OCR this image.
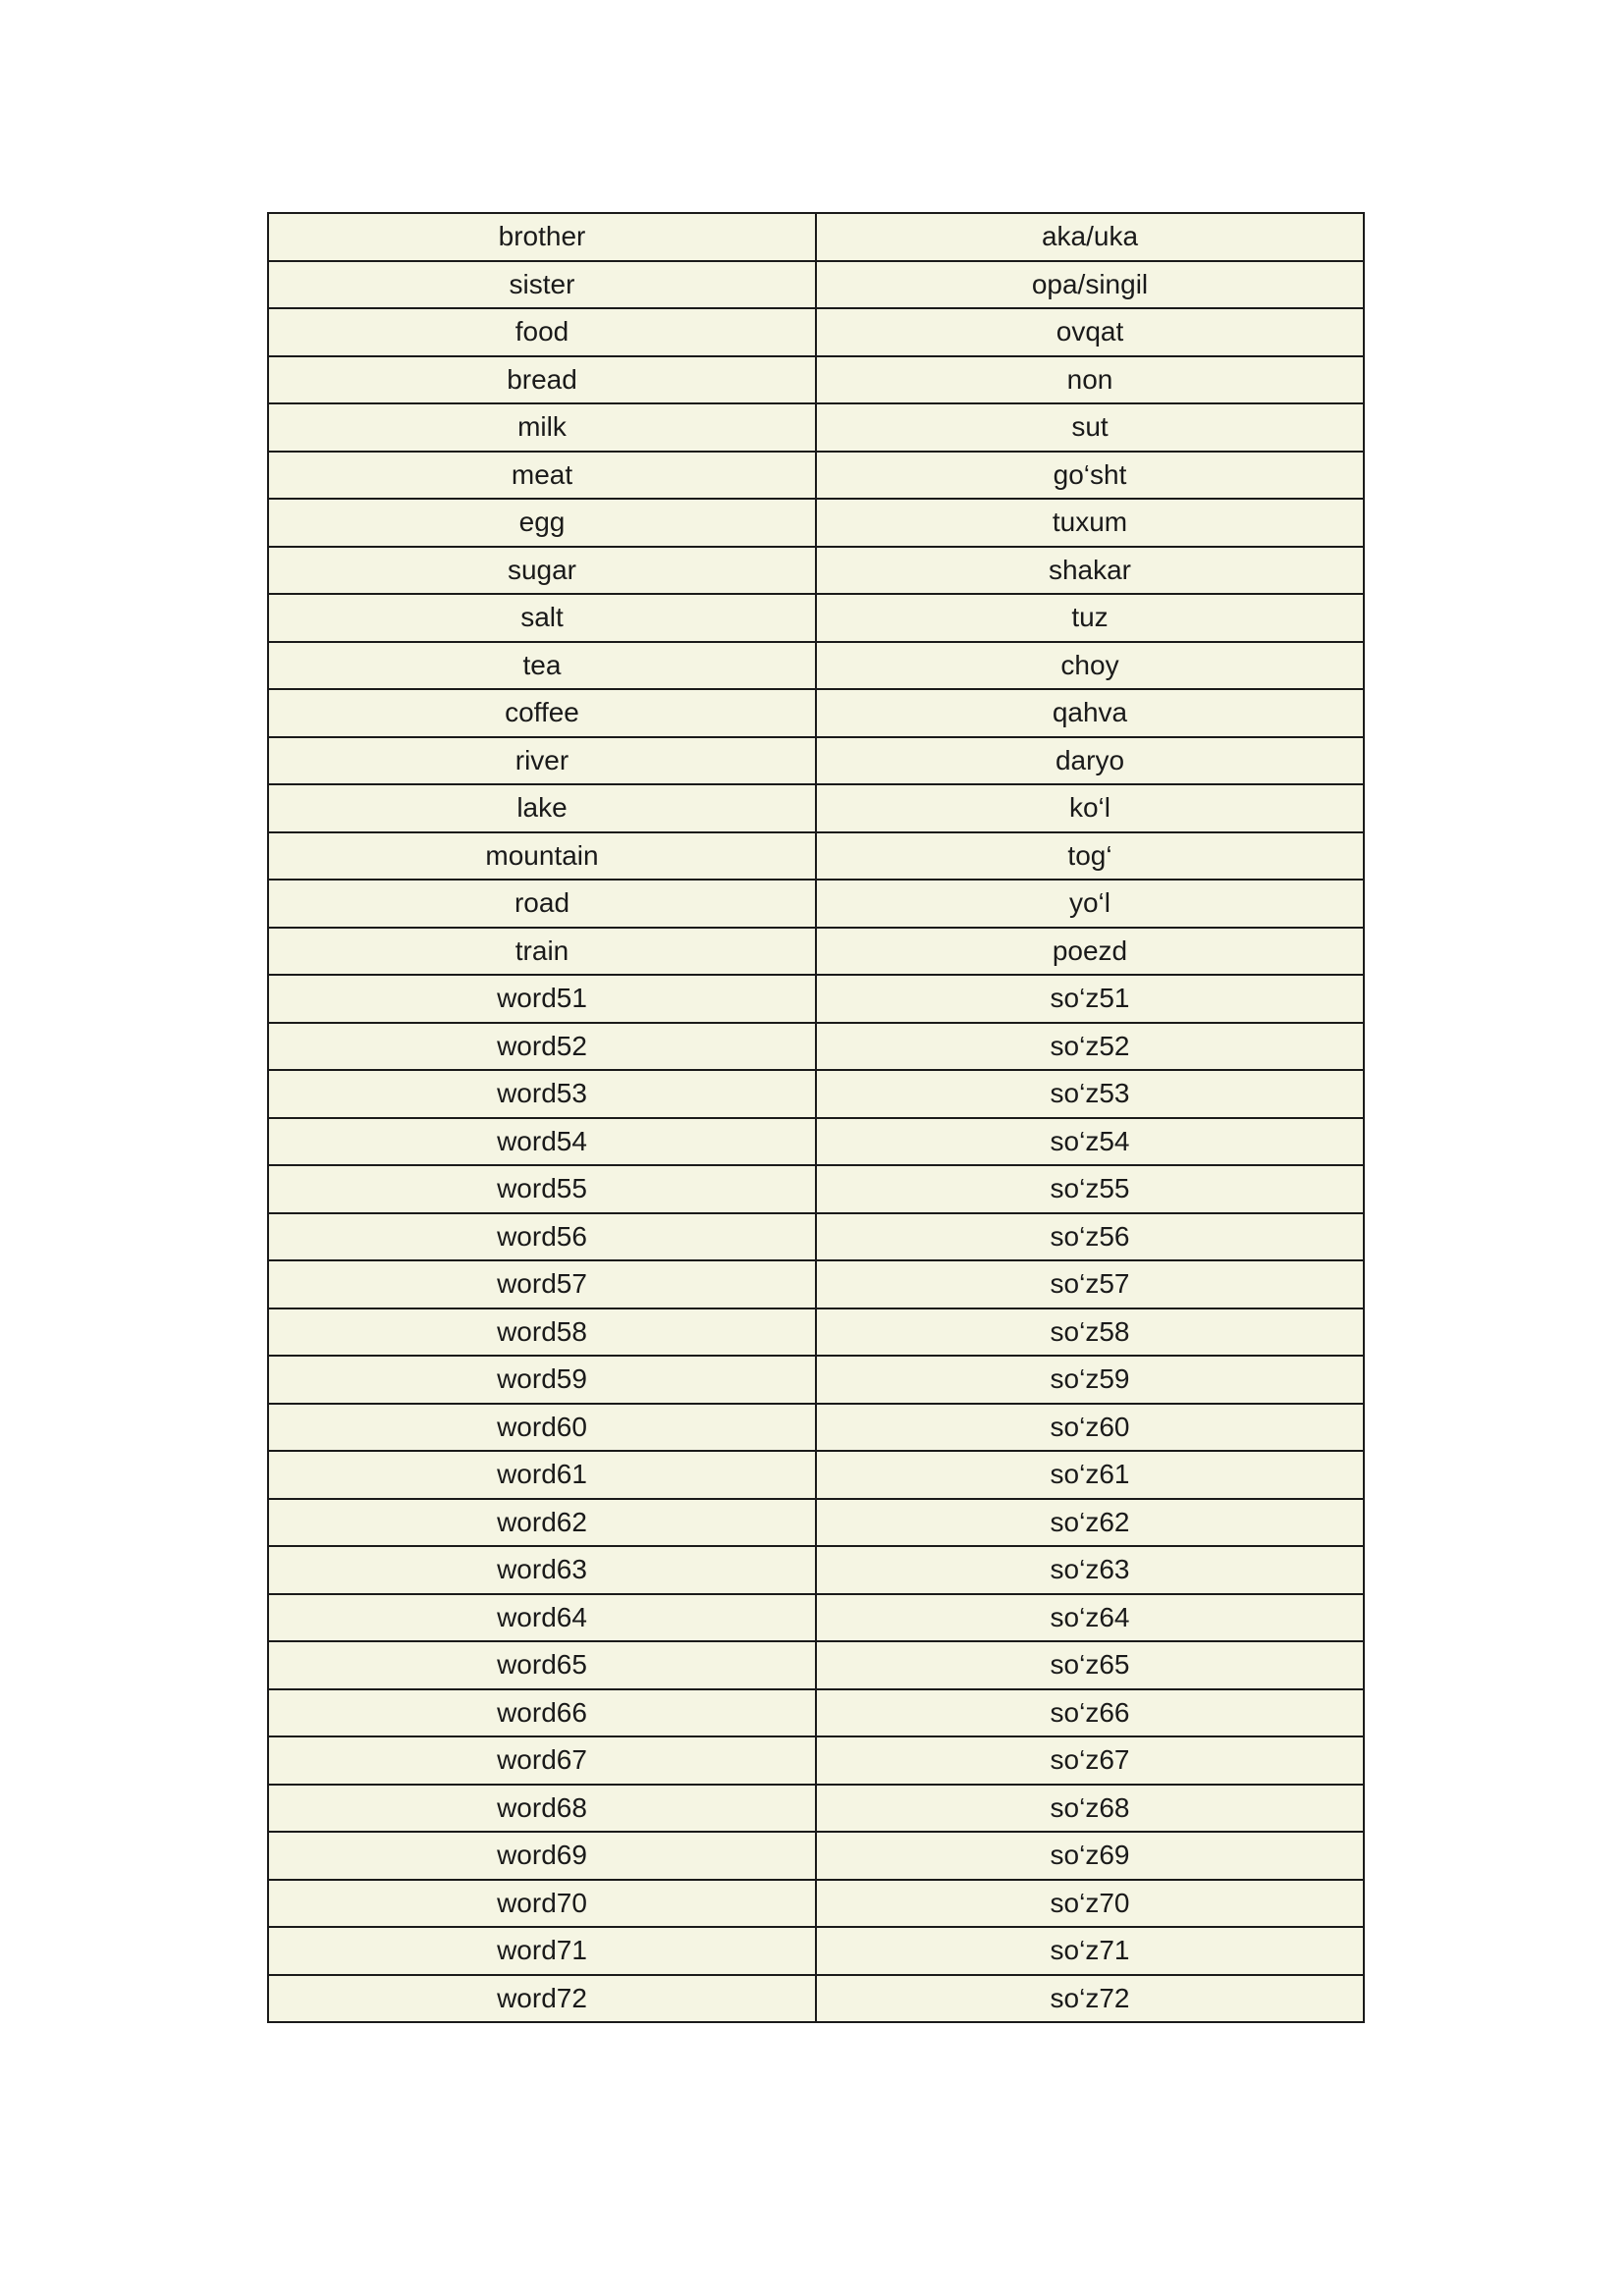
brother	aka/uka
sister	opa/singil
food	ovqat
bread	non
milk	sut
meat	go‘sht
egg	tuxum
sugar	shakar
salt	tuz
tea	choy
coffee	qahva
river	daryo
lake	ko‘l
mountain	tog‘
road	yo‘l
train	poezd
word51	so‘z51
word52	so‘z52
word53	so‘z53
word54	so‘z54
word55	so‘z55
word56	so‘z56
word57	so‘z57
word58	so‘z58
word59	so‘z59
word60	so‘z60
word61	so‘z61
word62	so‘z62
word63	so‘z63
word64	so‘z64
word65	so‘z65
word66	so‘z66
word67	so‘z67
word68	so‘z68
word69	so‘z69
word70	so‘z70
word71	so‘z71
word72	so‘z72
